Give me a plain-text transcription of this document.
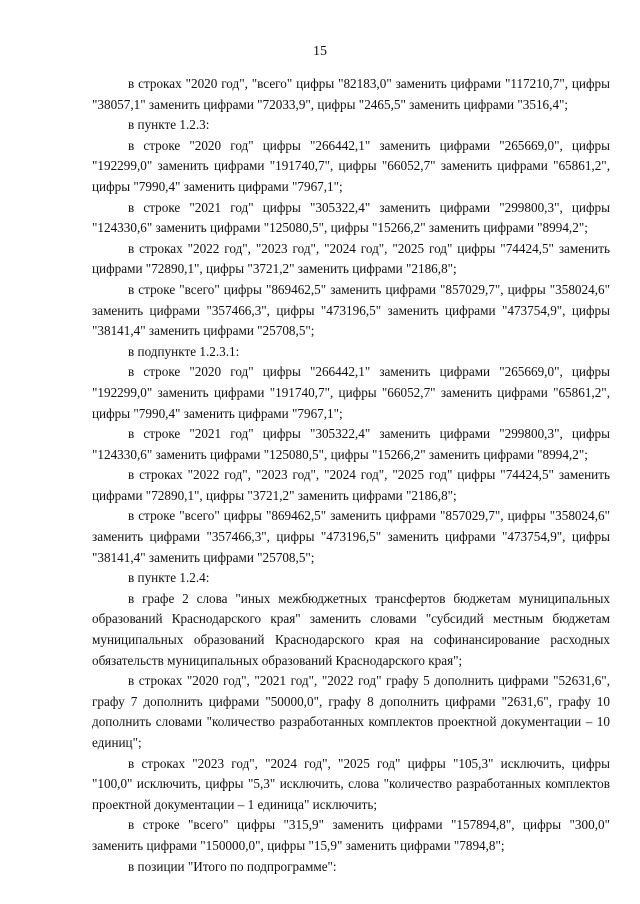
15

в строках "2020 год", "всего" цифры "82183,0" заменить цифрами "117210,7", цифры "38057,1" заменить цифрами "72033,9", цифры "2465,5" заменить цифрами "3516,4";

в пункте 1.2.3:

в строке "2020 год" цифры "266442,1" заменить цифрами "265669,0", цифры "192299,0" заменить цифрами "191740,7", цифры "66052,7" заменить цифрами "65861,2", цифры "7990,4" заменить цифрами "7967,1";

в строке "2021 год" цифры "305322,4" заменить цифрами "299800,3", цифры "124330,6" заменить цифрами "125080,5", цифры "15266,2" заменить цифрами "8994,2";

в строках "2022 год", "2023 год", "2024 год", "2025 год" цифры "74424,5" заменить цифрами "72890,1", цифры "3721,2" заменить цифрами "2186,8";

в строке "всего" цифры "869462,5" заменить цифрами "857029,7", цифры "358024,6" заменить цифрами "357466,3", цифры "473196,5" заменить цифрами "473754,9", цифры "38141,4" заменить цифрами "25708,5";

в подпункте 1.2.3.1:

в строке "2020 год" цифры "266442,1" заменить цифрами "265669,0", цифры "192299,0" заменить цифрами "191740,7", цифры "66052,7" заменить цифрами "65861,2", цифры "7990,4" заменить цифрами "7967,1";

в строке "2021 год" цифры "305322,4" заменить цифрами "299800,3", цифры "124330,6" заменить цифрами "125080,5", цифры "15266,2" заменить цифрами "8994,2";

в строках "2022 год", "2023 год", "2024 год", "2025 год" цифры "74424,5" заменить цифрами "72890,1", цифры "3721,2" заменить цифрами "2186,8";

в строке "всего" цифры "869462,5" заменить цифрами "857029,7", цифры "358024,6" заменить цифрами "357466,3", цифры "473196,5" заменить цифрами "473754,9", цифры "38141,4" заменить цифрами "25708,5";

в пункте 1.2.4:

в графе 2 слова "иных межбюджетных трансфертов бюджетам муниципальных образований Краснодарского края" заменить словами "субсидий местным бюджетам муниципальных образований Краснодарского края на софинансирование расходных обязательств муниципальных образований Краснодарского края";

в строках "2020 год", "2021 год", "2022 год" графу 5 дополнить цифрами "52631,6", графу 7 дополнить цифрами "50000,0", графу 8 дополнить цифрами "2631,6", графу 10 дополнить словами "количество разработанных комплектов проектной документации – 10 единиц";

в строках "2023 год", "2024 год", "2025 год" цифры "105,3" исключить, цифры "100,0" исключить, цифры "5,3" исключить, слова "количество разработанных комплектов проектной документации – 1 единица" исключить;

в строке "всего" цифры "315,9" заменить цифрами "157894,8", цифры "300,0" заменить цифрами "150000,0", цифры "15,9" заменить цифрами "7894,8";

в позиции "Итого по подпрограмме":
